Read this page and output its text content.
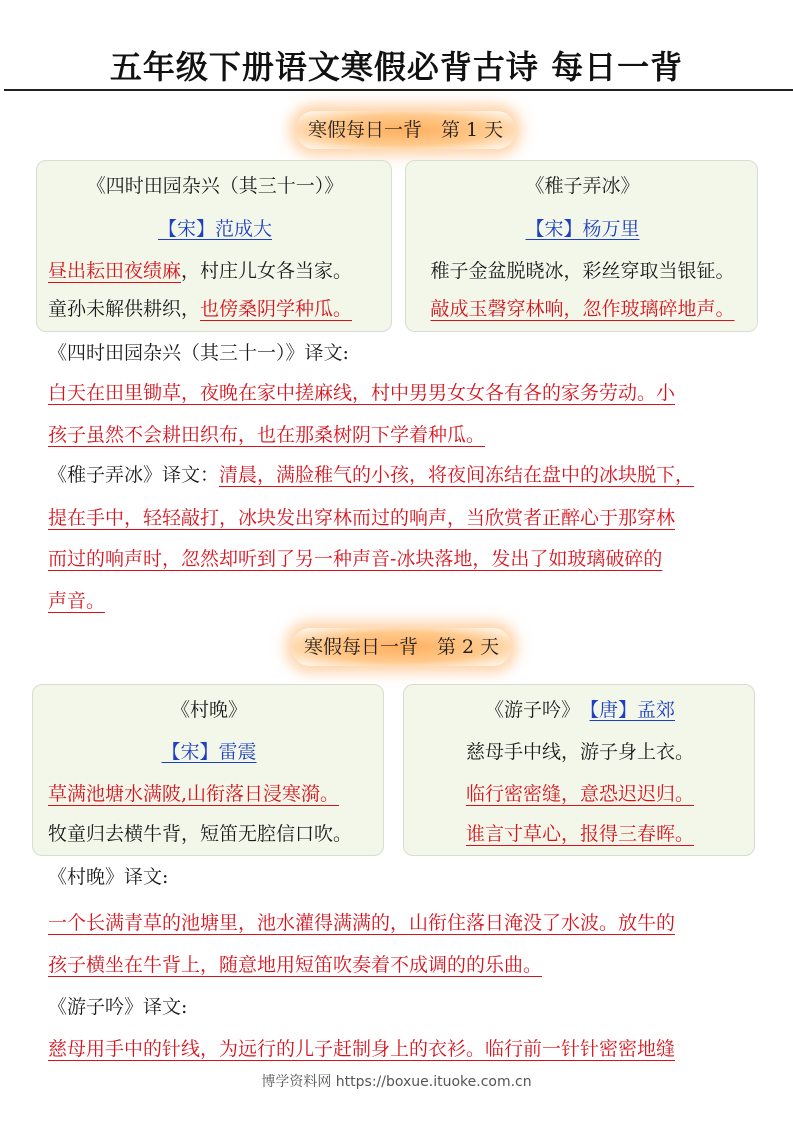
五年级下册语文寒假必背古诗 每日一背
寒假每日一背　第 1 天
《四时田园杂兴（其三十一）》
【宋】范成大
昼出耘田夜绩麻，村庄儿女各当家。
童孙未解供耕织，也傍桑阴学种瓜。
《稚子弄冰》
【宋】杨万里
稚子金盆脱晓冰，彩丝穿取当银钲。
敲成玉磬穿林响，忽作玻璃碎地声。
《四时田园杂兴（其三十一）》译文:
白天在田里锄草，夜晚在家中搓麻线，村中男男女女各有各的家务劳动。小
孩子虽然不会耕田织布，也在那桑树阴下学着种瓜。
《稚子弄冰》译文：清晨，满脸稚气的小孩，将夜间冻结在盘中的冰块脱下，
提在手中，轻轻敲打，冰块发出穿林而过的响声，当欣赏者正醉心于那穿林
而过的响声时，忽然却听到了另一种声音-冰块落地，发出了如玻璃破碎的
声音。
寒假每日一背　第 2 天
《村晚》
【宋】雷震
草满池塘水满陂,山衔落日浸寒漪。
牧童归去横牛背，短笛无腔信口吹。
《游子吟》　 【唐】孟郊
慈母手中线，游子身上衣。
临行密密缝，意恐迟迟归。
谁言寸草心，报得三春晖。
《村晚》译文:
一个长满青草的池塘里，池水灌得满满的，山衔住落日淹没了水波。放牛的
孩子横坐在牛背上，随意地用短笛吹奏着不成调的的乐曲。
《游子吟》译文:
慈母用手中的针线，为远行的儿子赶制身上的衣衫。临行前一针针密密地缝
博学资料网 https://boxue.ituoke.com.cn
